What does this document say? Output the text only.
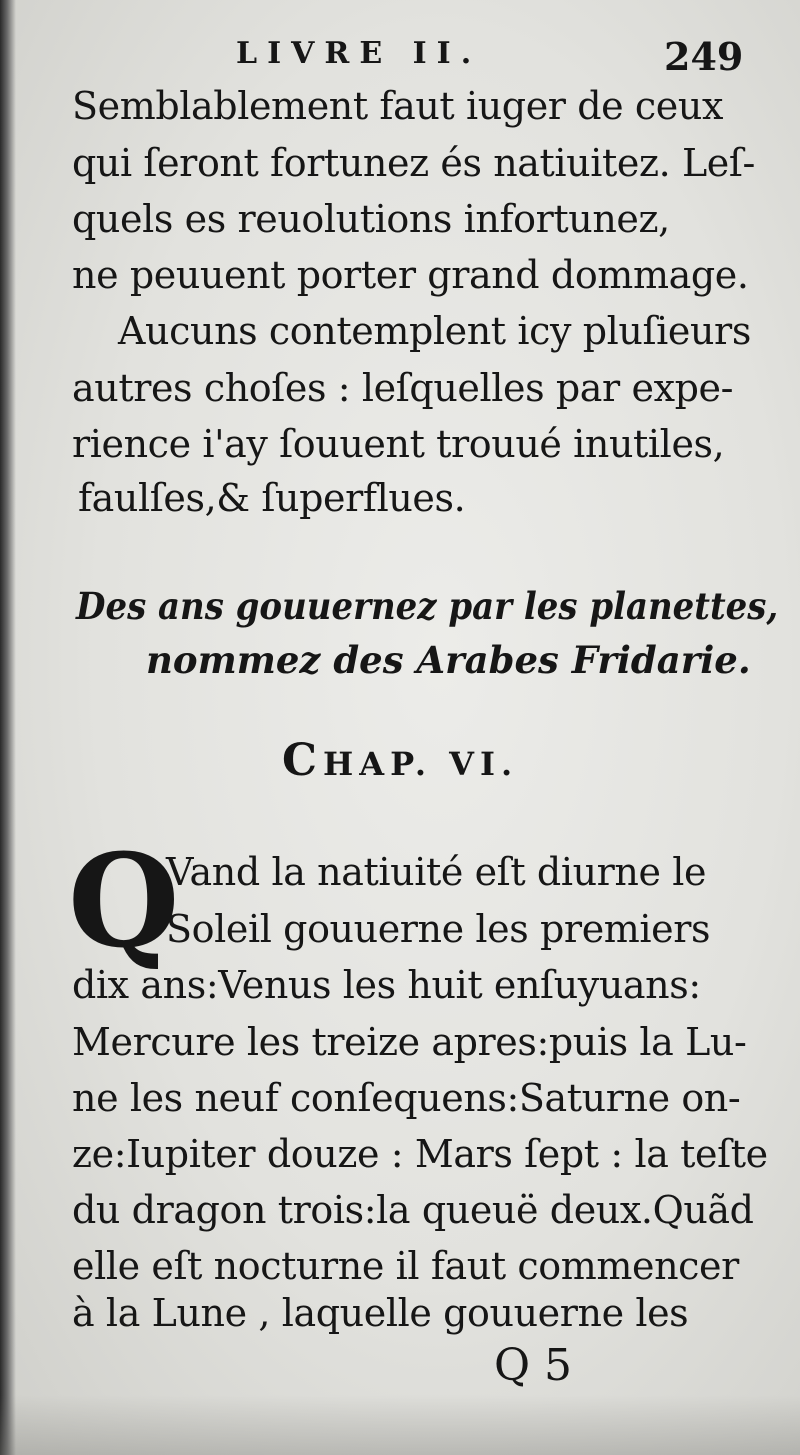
LIVRE II.	249
Semblablement faut iuger de ceux
qui ſeront fortunez és natiuitez. Leſ-
quels es reuolutions infortunez,
ne peuuent porter grand dommage.
Aucuns contemplent icy pluſieurs
autres choſes : leſquelles par expe-
rience i'ay ſouuent trouué inutiles,
faulſes,& ſuperflues.
Des ans gouuernez par les planettes,
nommez des Arabes Fridarie.
CHAP. VI.
Q
Vand la natiuité eſt diurne le
Soleil gouuerne les premiers
dix ans:Venus les huit enſuyuans:
Mercure les treize apres:puis la Lu-
ne les neuf conſequens:Saturne on-
ze:Iupiter douze : Mars ſept : la teſte
du dragon trois:la queuë deux.Quãd
elle eſt nocturne il faut commencer
à la Lune , laquelle gouuerne les
Q 5
